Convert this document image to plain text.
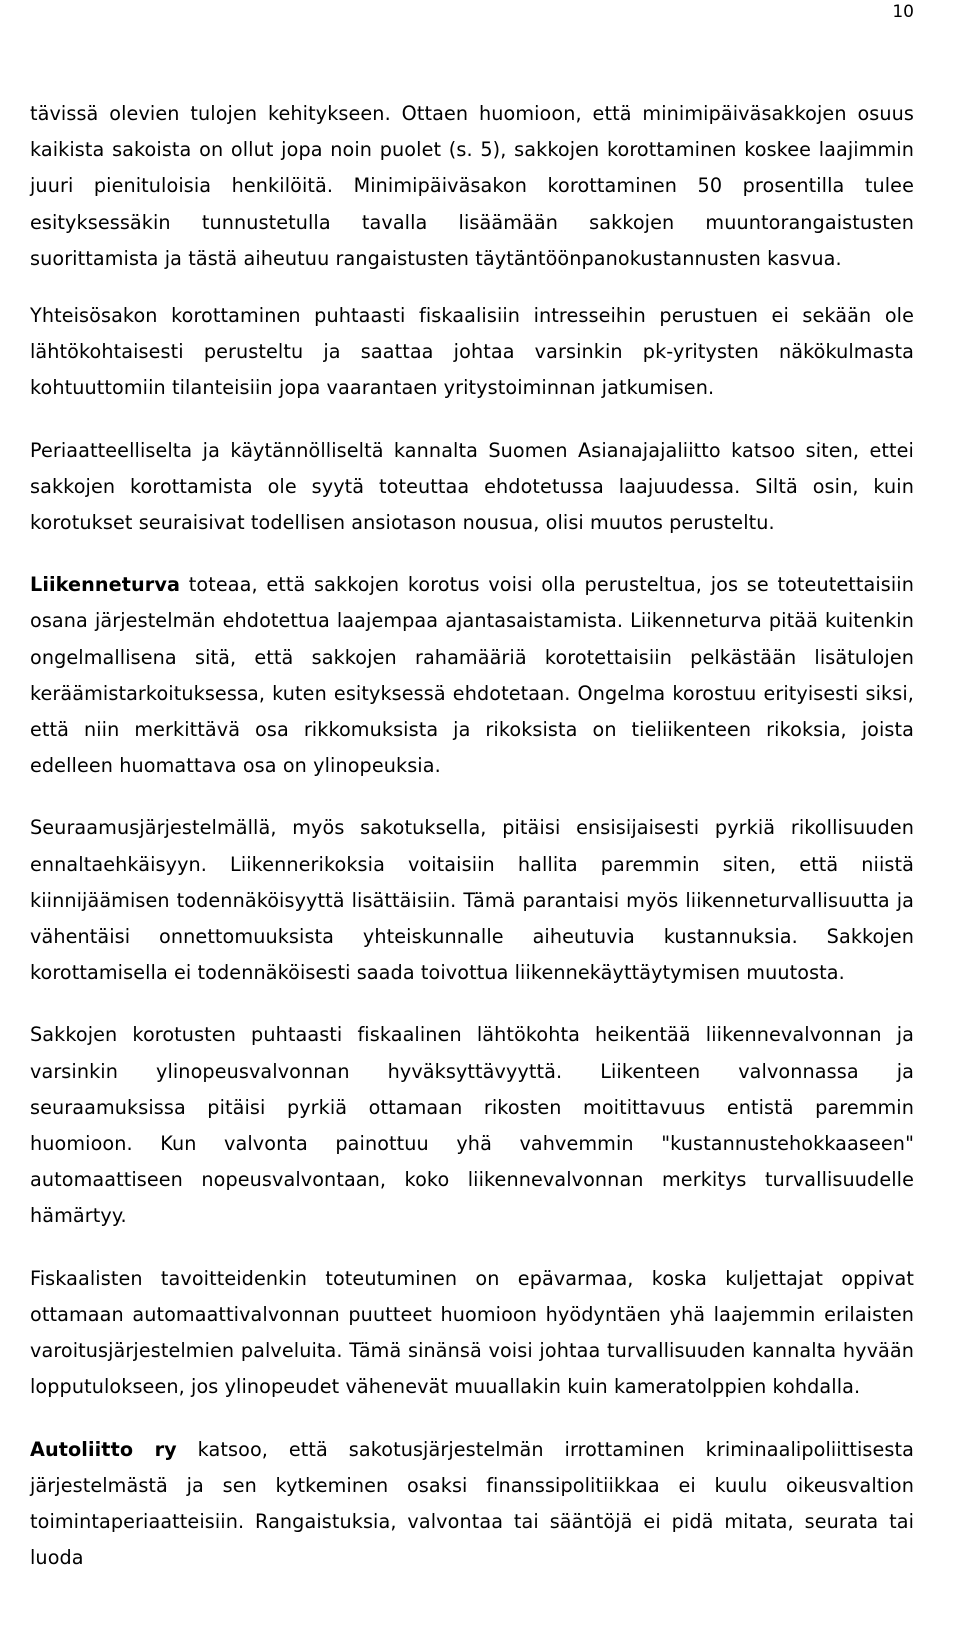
10

tävissä olevien tulojen kehitykseen. Ottaen huomioon, että minimipäiväsakkojen osuus kaikista sakoista on ollut jopa noin puolet (s. 5), sakkojen korottaminen koskee laajimmin juuri pienituloisia henkilöitä. Minimipäiväsakon korottaminen 50 prosentilla tulee esityksessäkin tunnustetulla tavalla lisäämään sakkojen muuntorangaistusten suorittamista ja tästä aiheutuu rangaistusten täytäntöönpanokustannusten kasvua.

Yhteisösakon korottaminen puhtaasti fiskaalisiin intresseihin perustuen ei sekään ole lähtökohtaisesti perusteltu ja saattaa johtaa varsinkin pk-yritysten näkökulmasta kohtuuttomiin tilanteisiin jopa vaarantaen yritystoiminnan jatkumisen.

Periaatteelliselta ja käytännölliseltä kannalta Suomen Asianajajaliitto katsoo siten, ettei sakkojen korottamista ole syytä toteuttaa ehdotetussa laajuudessa. Siltä osin, kuin korotukset seuraisivat todellisen ansiotason nousua, olisi muutos perusteltu.

Liikenneturva toteaa, että sakkojen korotus voisi olla perusteltua, jos se toteutettaisiin osana järjestelmän ehdotettua laajempaa ajantasaistamista. Liikenneturva pitää kuitenkin ongelmallisena sitä, että sakkojen rahamääriä korotettaisiin pelkästään lisätulojen keräämistarkoituksessa, kuten esityksessä ehdotetaan. Ongelma korostuu erityisesti siksi, että niin merkittävä osa rikkomuksista ja rikoksista on tieliikenteen rikoksia, joista edelleen huomattava osa on ylinopeuksia.

Seuraamusjärjestelmällä, myös sakotuksella, pitäisi ensisijaisesti pyrkiä rikollisuuden ennaltaehkäisyyn. Liikennerikoksia voitaisiin hallita paremmin siten, että niistä kiinnijäämisen todennäköisyyttä lisättäisiin. Tämä parantaisi myös liikenneturvallisuutta ja vähentäisi onnettomuuksista yhteiskunnalle aiheutuvia kustannuksia. Sakkojen korottamisella ei todennäköisesti saada toivottua liikennekäyttäytymisen muutosta.

Sakkojen korotusten puhtaasti fiskaalinen lähtökohta heikentää liikennevalvonnan ja varsinkin ylinopeusvalvonnan hyväksyttävyyttä. Liikenteen valvonnassa ja seuraamuksissa pitäisi pyrkiä ottamaan rikosten moitittavuus entistä paremmin huomioon. Kun valvonta painottuu yhä vahvemmin "kustannustehokkaaseen" automaattiseen nopeusvalvontaan, koko liikennevalvonnan merkitys turvallisuudelle hämärtyy.

Fiskaalisten tavoitteidenkin toteutuminen on epävarmaa, koska kuljettajat oppivat ottamaan automaattivalvonnan puutteet huomioon hyödyntäen yhä laajemmin erilaisten varoitusjärjestelmien palveluita. Tämä sinänsä voisi johtaa turvallisuuden kannalta hyvään lopputulokseen, jos ylinopeudet vähenevät muuallakin kuin kameratolppien kohdalla.

Autoliitto ry katsoo, että sakotusjärjestelmän irrottaminen kriminaalipoliittisesta järjestelmästä ja sen kytkeminen osaksi finanssipolitiikkaa ei kuulu oikeusvaltion toimintaperiaatteisiin. Rangaistuksia, valvontaa tai sääntöjä ei pidä mitata, seurata tai luoda
